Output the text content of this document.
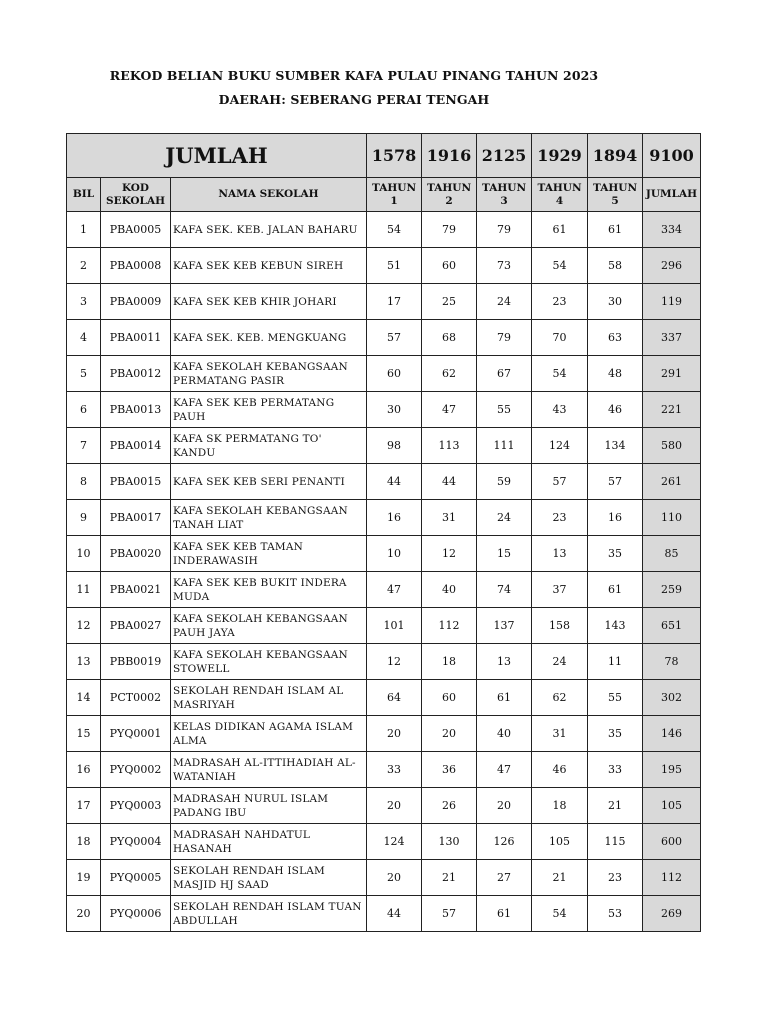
REKOD BELIAN BUKU SUMBER KAFA PULAU PINANG TAHUN 2023
DAERAH: SEBERANG PERAI TENGAH
JUMLAH			1578	1916	2125	1929	1894	9100
BIL	KOD SEKOLAH	NAMA SEKOLAH	TAHUN 1	TAHUN 2	TAHUN 3	TAHUN 4	TAHUN 5	JUMLAH
1	PBA0005	KAFA SEK. KEB. JALAN BAHARU	54	79	79	61	61	334
2	PBA0008	KAFA SEK KEB KEBUN SIREH	51	60	73	54	58	296
3	PBA0009	KAFA SEK KEB KHIR JOHARI	17	25	24	23	30	119
4	PBA0011	KAFA SEK. KEB. MENGKUANG	57	68	79	70	63	337
5	PBA0012	KAFA SEKOLAH KEBANGSAAN PERMATANG PASIR	60	62	67	54	48	291
6	PBA0013	KAFA SEK KEB PERMATANG PAUH	30	47	55	43	46	221
7	PBA0014	KAFA SK PERMATANG TO' KANDU	98	113	111	124	134	580
8	PBA0015	KAFA SEK KEB SERI PENANTI	44	44	59	57	57	261
9	PBA0017	KAFA SEKOLAH KEBANGSAAN TANAH LIAT	16	31	24	23	16	110
10	PBA0020	KAFA SEK KEB TAMAN INDERAWASIH	10	12	15	13	35	85
11	PBA0021	KAFA SEK KEB BUKIT INDERA MUDA	47	40	74	37	61	259
12	PBA0027	KAFA SEKOLAH KEBANGSAAN PAUH JAYA	101	112	137	158	143	651
13	PBB0019	KAFA SEKOLAH KEBANGSAAN STOWELL	12	18	13	24	11	78
14	PCT0002	SEKOLAH RENDAH ISLAM AL MASRIYAH	64	60	61	62	55	302
15	PYQ0001	KELAS DIDIKAN AGAMA ISLAM ALMA	20	20	40	31	35	146
16	PYQ0002	MADRASAH AL-ITTIHADIAH AL-WATANIAH	33	36	47	46	33	195
17	PYQ0003	MADRASAH NURUL ISLAM PADANG IBU	20	26	20	18	21	105
18	PYQ0004	MADRASAH NAHDATUL HASANAH	124	130	126	105	115	600
19	PYQ0005	SEKOLAH RENDAH ISLAM MASJID HJ SAAD	20	21	27	21	23	112
20	PYQ0006	SEKOLAH RENDAH ISLAM TUAN ABDULLAH	44	57	61	54	53	269
